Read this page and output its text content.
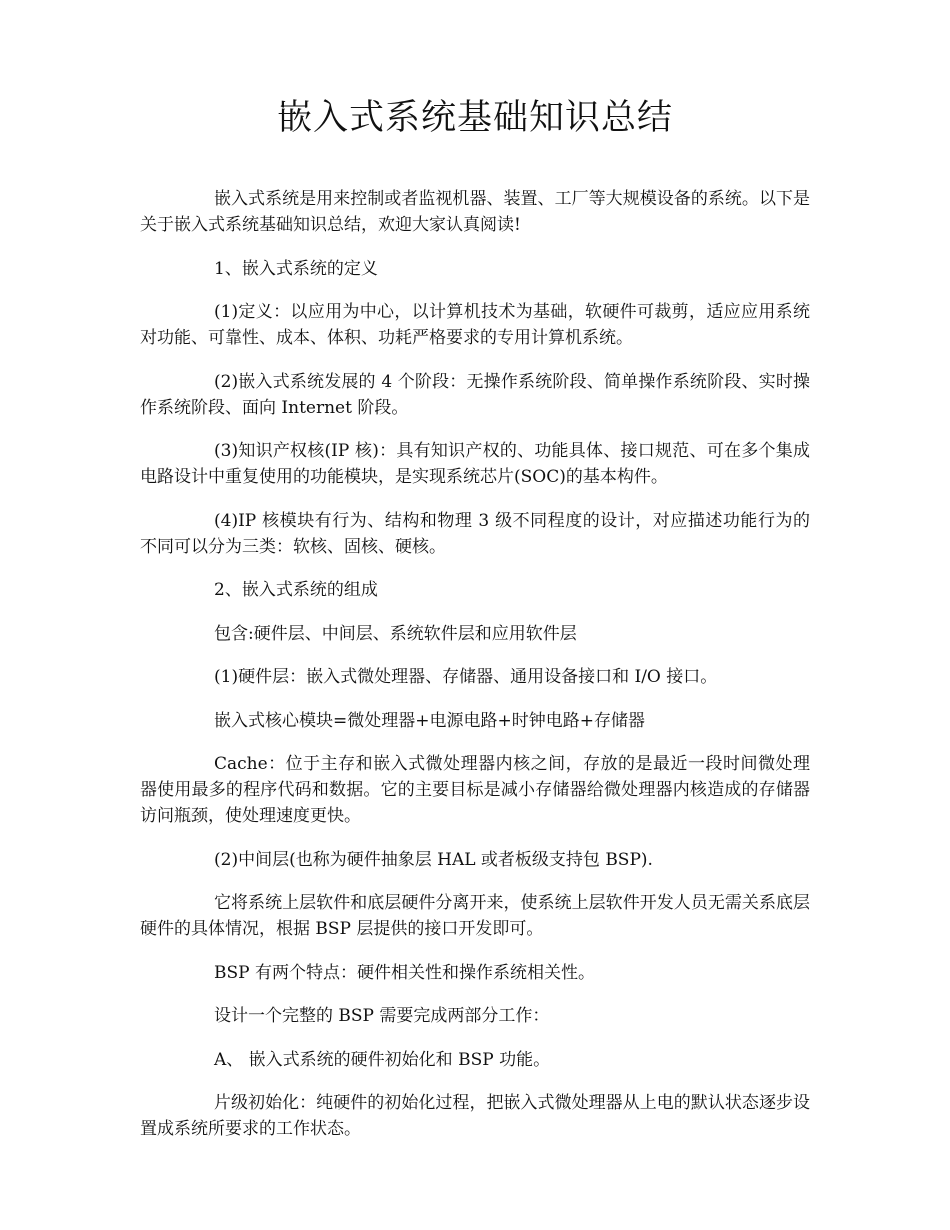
嵌入式系统基础知识总结

嵌入式系统是用来控制或者监视机器、装置、工厂等大规模设备的系统。以下是关于嵌入式系统基础知识总结，欢迎大家认真阅读!

1、嵌入式系统的定义

(1)定义：以应用为中心，以计算机技术为基础，软硬件可裁剪，适应应用系统对功能、可靠性、成本、体积、功耗严格要求的专用计算机系统。

(2)嵌入式系统发展的 4 个阶段：无操作系统阶段、简单操作系统阶段、实时操作系统阶段、面向 Internet 阶段。

(3)知识产权核(IP 核)：具有知识产权的、功能具体、接口规范、可在多个集成电路设计中重复使用的功能模块，是实现系统芯片(SOC)的基本构件。

(4)IP 核模块有行为、结构和物理 3 级不同程度的设计，对应描述功能行为的不同可以分为三类：软核、固核、硬核。

2、嵌入式系统的组成

包含:硬件层、中间层、系统软件层和应用软件层

(1)硬件层：嵌入式微处理器、存储器、通用设备接口和 I/O 接口。

嵌入式核心模块=微处理器+电源电路+时钟电路+存储器

Cache：位于主存和嵌入式微处理器内核之间，存放的是最近一段时间微处理器使用最多的程序代码和数据。它的主要目标是减小存储器给微处理器内核造成的存储器访问瓶颈，使处理速度更快。

(2)中间层(也称为硬件抽象层 HAL 或者板级支持包 BSP).

它将系统上层软件和底层硬件分离开来，使系统上层软件开发人员无需关系底层硬件的具体情况，根据 BSP 层提供的接口开发即可。

BSP 有两个特点：硬件相关性和操作系统相关性。

设计一个完整的 BSP 需要完成两部分工作：

A、 嵌入式系统的硬件初始化和 BSP 功能。

片级初始化：纯硬件的初始化过程，把嵌入式微处理器从上电的默认状态逐步设置成系统所要求的工作状态。
